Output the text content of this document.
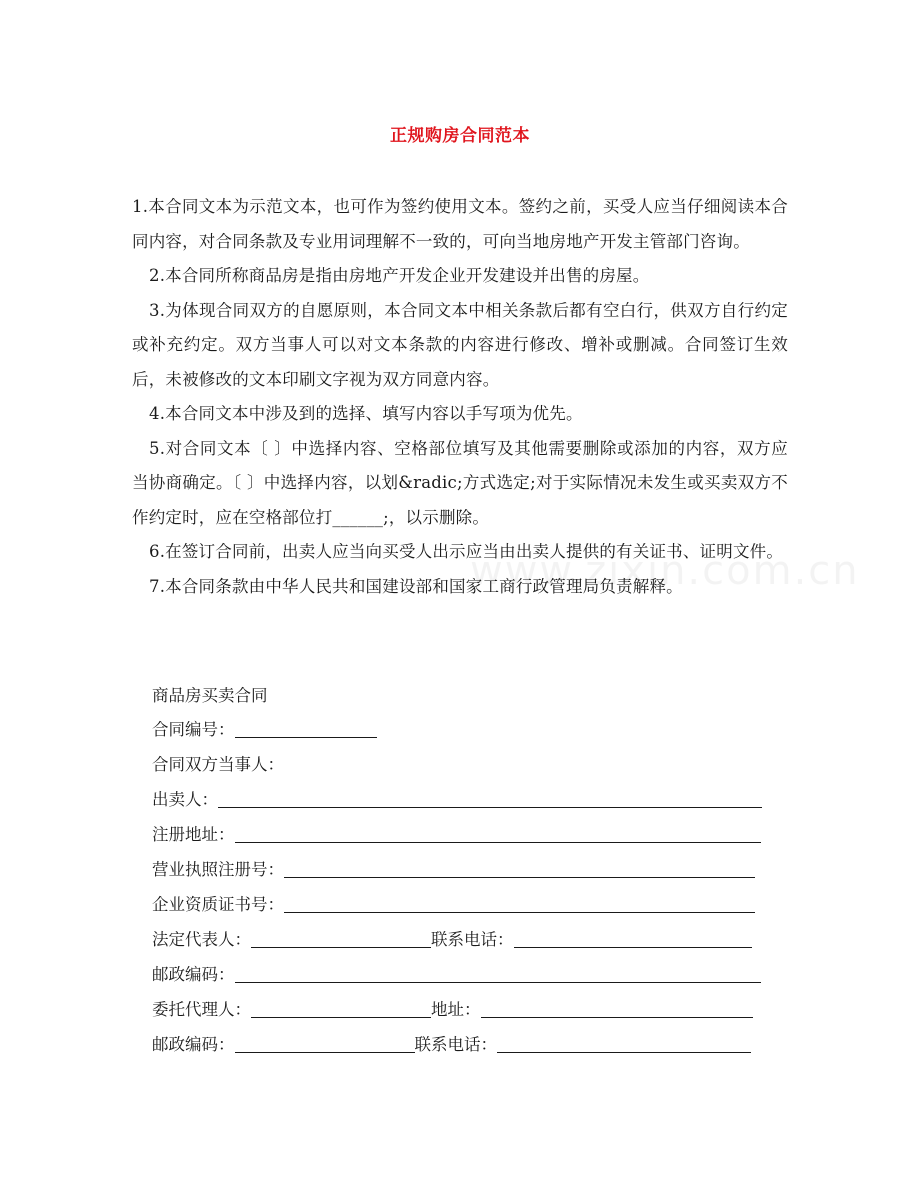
正规购房合同范本

1.本合同文本为示范文本，也可作为签约使用文本。签约之前，买受人应当仔细阅读本合同内容，对合同条款及专业用词理解不一致的，可向当地房地产开发主管部门咨询。

2.本合同所称商品房是指由房地产开发企业开发建设并出售的房屋。

3.为体现合同双方的自愿原则，本合同文本中相关条款后都有空白行，供双方自行约定或补充约定。双方当事人可以对文本条款的内容进行修改、增补或删减。合同签订生效后，未被修改的文本印刷文字视为双方同意内容。

4.本合同文本中涉及到的选择、填写内容以手写项为优先。

5.对合同文本〔 〕中选择内容、空格部位填写及其他需要删除或添加的内容，双方应当协商确定。〔 〕中选择内容，以划&radic;方式选定;对于实际情况未发生或买卖双方不作约定时，应在空格部位打______;，以示删除。

6.在签订合同前，出卖人应当向买受人出示应当由出卖人提供的有关证书、证明文件。

7.本合同条款由中华人民共和国建设部和国家工商行政管理局负责解释。

商品房买卖合同
合同编号：
合同双方当事人：
出卖人：
注册地址：
营业执照注册号：
企业资质证书号：
法定代表人：	联系电话：
邮政编码：
委托代理人：	地址：
邮政编码：	联系电话：
